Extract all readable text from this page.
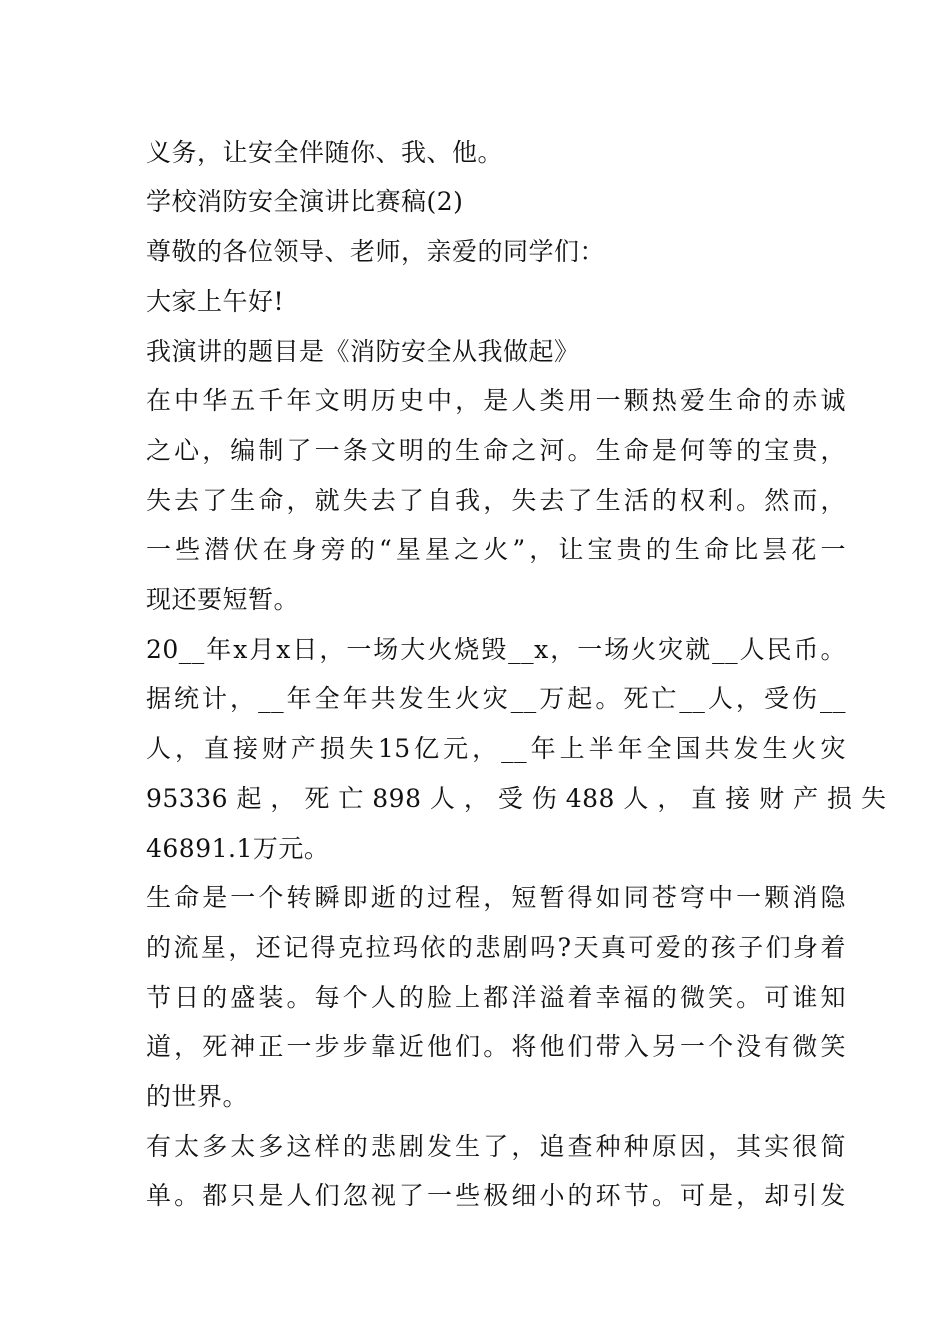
义务，让安全伴随你、我、他。
学校消防安全演讲比赛稿(2)
尊敬的各位领导、老师，亲爱的同学们：
大家上午好!
我演讲的题目是《消防安全从我做起》
在中华五千年文明历史中，是人类用一颗热爱生命的赤诚
之心，编制了一条文明的生命之河。生命是何等的宝贵，
失去了生命，就失去了自我，失去了生活的权利。然而，
一些潜伏在身旁的“星星之火”，让宝贵的生命比昙花一
现还要短暂。
20__年x月x日，一场大火烧毁__x，一场火灾就__人民币。
据统计，__年全年共发生火灾__万起。死亡__人，受伤__
人，直接财产损失15亿元，__年上半年全国共发生火灾
95336 起 ， 死 亡 898 人 ， 受 伤 488 人 ， 直 接 财 产 损 失
46891.1万元。
生命是一个转瞬即逝的过程，短暂得如同苍穹中一颗消隐
的流星，还记得克拉玛依的悲剧吗?天真可爱的孩子们身着
节日的盛装。每个人的脸上都洋溢着幸福的微笑。可谁知
道，死神正一步步靠近他们。将他们带入另一个没有微笑
的世界。
有太多太多这样的悲剧发生了，追查种种原因，其实很简
单。都只是人们忽视了一些极细小的环节。可是，却引发
